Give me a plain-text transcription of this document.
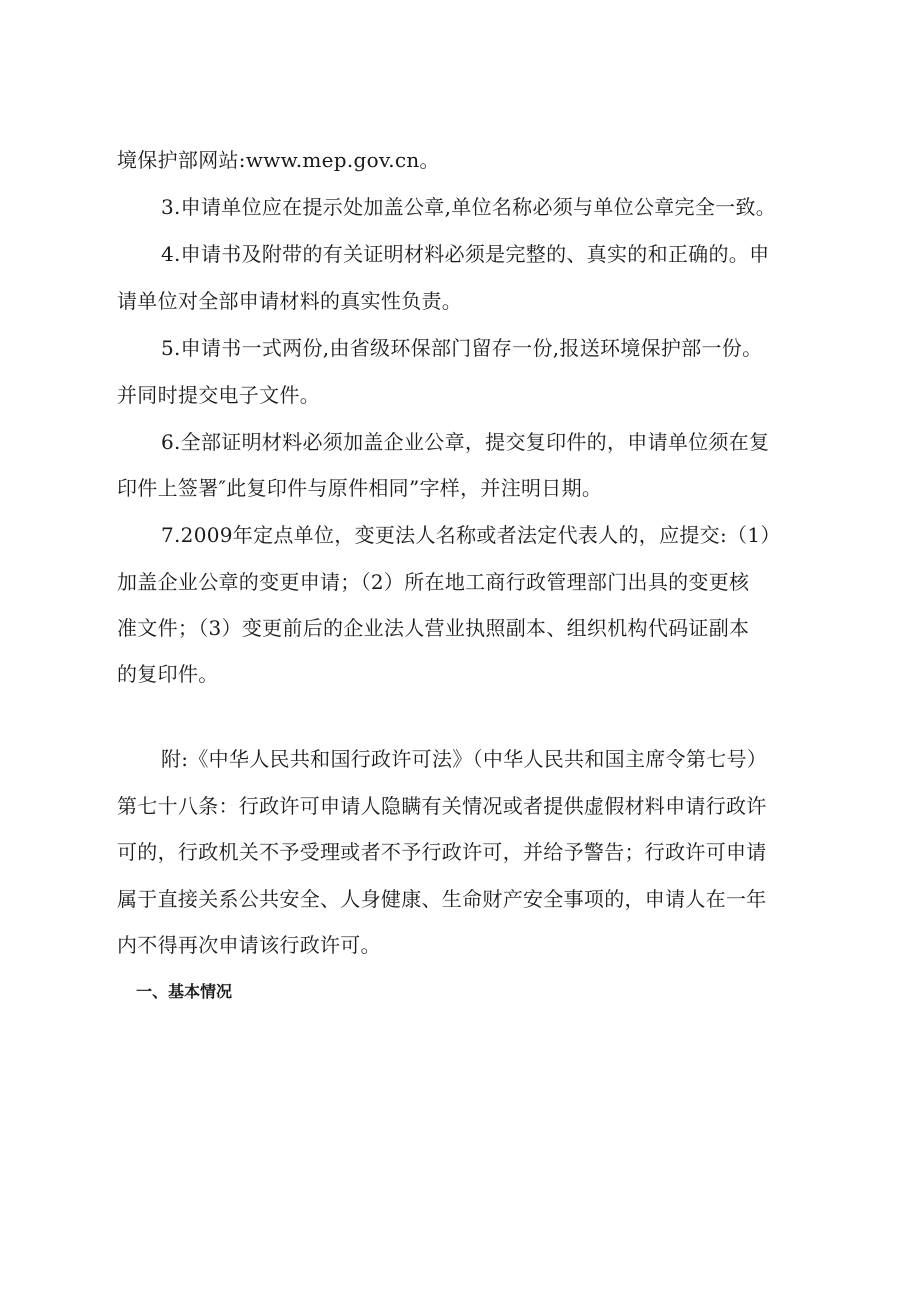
境保护部网站:www.mep.gov.cn。
3.申请单位应在提示处加盖公章,单位名称必须与单位公章完全一致。
4.申请书及附带的有关证明材料必须是完整的、真实的和正确的。申
请单位对全部申请材料的真实性负责。
5.申请书一式两份,由省级环保部门留存一份,报送环境保护部一份。
并同时提交电子文件。
6.全部证明材料必须加盖企业公章，提交复印件的，申请单位须在复
印件上签署″此复印件与原件相同”字样，并注明日期。
7.2009年定点单位，变更法人名称或者法定代表人的，应提交:（1）
加盖企业公章的变更申请；（2）所在地工商行政管理部门出具的变更核
准文件；（3）变更前后的企业法人营业执照副本、组织机构代码证副本
的复印件。
附:《中华人民共和国行政许可法》（中华人民共和国主席令第七号）
第七十八条：行政许可申请人隐瞒有关情况或者提供虚假材料申请行政许
可的，行政机关不予受理或者不予行政许可，并给予警告；行政许可申请
属于直接关系公共安全、人身健康、生命财产安全事项的，申请人在一年
内不得再次申请该行政许可。
一、基本情况
